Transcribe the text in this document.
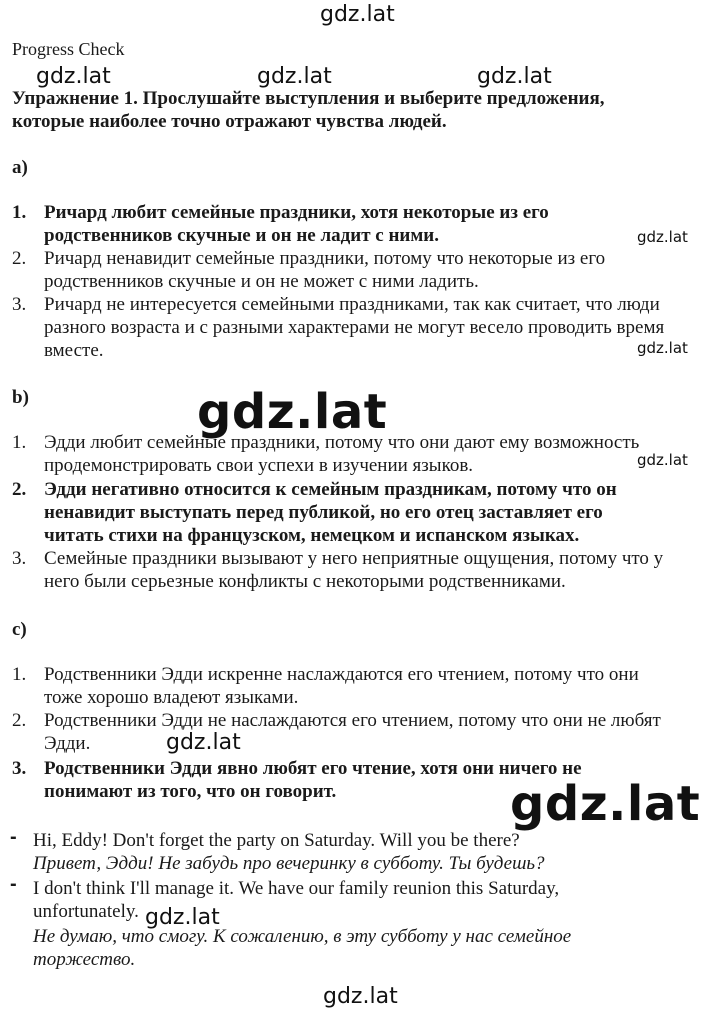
Progress Check
Упражнение 1. Прослушайте выступления и выберите предложения,
которые наиболее точно отражают чувства людей.
a)
1. Ричард любит семейные праздники, хотя некоторые из его
родственников скучные и он не ладит с ними.
2. Ричард ненавидит семейные праздники, потому что некоторые из его
родственников скучные и он не может с ними ладить.
3. Ричард не интересуется семейными праздниками, так как считает, что люди
разного возраста и с разными характерами не могут весело проводить время
вместе.
b)
1. Эдди любит семейные праздники, потому что они дают ему возможность
продемонстрировать свои успехи в изучении языков.
2. Эдди негативно относится к семейным праздникам, потому что он
ненавидит выступать перед публикой, но его отец заставляет его
читать стихи на французском, немецком и испанском языках.
3. Семейные праздники вызывают у него неприятные ощущения, потому что у
него были серьезные конфликты с некоторыми родственниками.
c)
1. Родственники Эдди искренне наслаждаются его чтением, потому что они
тоже хорошо владеют языками.
2. Родственники Эдди не наслаждаются его чтением, потому что они не любят
Эдди.
3. Родственники Эдди явно любят его чтение, хотя они ничего не
понимают из того, что он говорит.
- Hi, Eddy! Don't forget the party on Saturday. Will you be there?
Привет, Эдди! Не забудь про вечеринку в субботу. Ты будешь?
- I don't think I'll manage it. We have our family reunion this Saturday,
unfortunately.
Не думаю, что смогу. К сожалению, в эту субботу у нас семейное
торжество.
gdz.lat
gdz.lat	gdz.lat	gdz.lat
gdz.lat
gdz.lat
gdz.lat
gdz.lat
gdz.lat
gdz.lat
gdz.lat
gdz.lat
